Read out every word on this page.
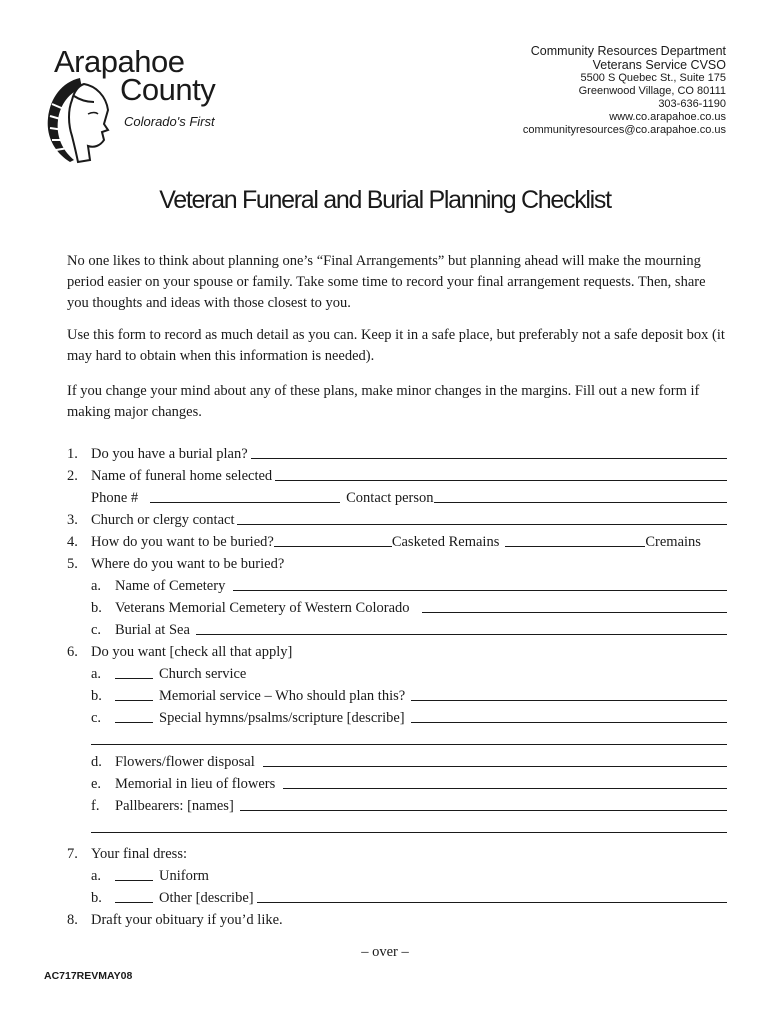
Arapahoe
County
Colorado's First
Community Resources Department
Veterans Service CVSO
5500 S Quebec St., Suite 175
Greenwood Village, CO 80111
303-636-1190
www.co.arapahoe.co.us
communityresources@co.arapahoe.co.us
Veteran Funeral and Burial Planning Checklist
No one likes to think about planning one’s “Final Arrangements” but planning ahead will make the mourning period easier on your spouse or family. Take some time to record your final arrangement requests. Then, share you thoughts and ideas with those closest to you.
Use this form to record as much detail as you can. Keep it in a safe place, but preferably not a safe deposit box (it may hard to obtain when this information is needed).
If you change your mind about any of these plans, make minor changes in the margins. Fill out a new form if making major changes.
1. Do you have a burial plan?
2. Name of funeral home selected
Phone #	Contact person
3. Church or clergy contact
4. How do you want to be buried?	Casketed Remains	Cremains
5. Where do you want to be buried?
a. Name of Cemetery
b. Veterans Memorial Cemetery of Western Colorado
c. Burial at Sea
6. Do you want [check all that apply]
a.	Church service
b.	Memorial service – Who should plan this?
c.	Special hymns/psalms/scripture [describe]
d. Flowers/flower disposal
e. Memorial in lieu of flowers
f.	Pallbearers: [names]
7. Your final dress:
a.	Uniform
b.	Other [describe]
8. Draft your obituary if you’d like.
– over –
AC717REVMAY08
